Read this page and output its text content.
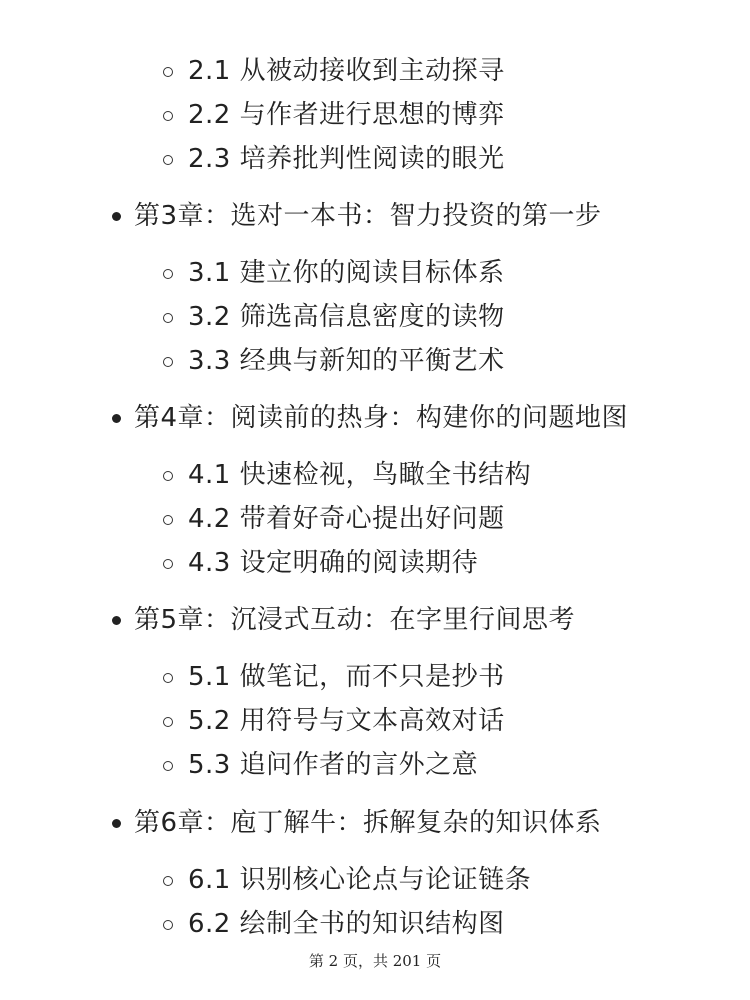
2.1 从被动接收到主动探寻
2.2 与作者进行思想的博弈
2.3 培养批判性阅读的眼光
第3章：选对一本书：智力投资的第一步
3.1 建立你的阅读目标体系
3.2 筛选高信息密度的读物
3.3 经典与新知的平衡艺术
第4章：阅读前的热身：构建你的问题地图
4.1 快速检视，鸟瞰全书结构
4.2 带着好奇心提出好问题
4.3 设定明确的阅读期待
第5章：沉浸式互动：在字里行间思考
5.1 做笔记，而不只是抄书
5.2 用符号与文本高效对话
5.3 追问作者的言外之意
第6章：庖丁解牛：拆解复杂的知识体系
6.1 识别核心论点与论证链条
6.2 绘制全书的知识结构图
第 2 页，共 201 页
